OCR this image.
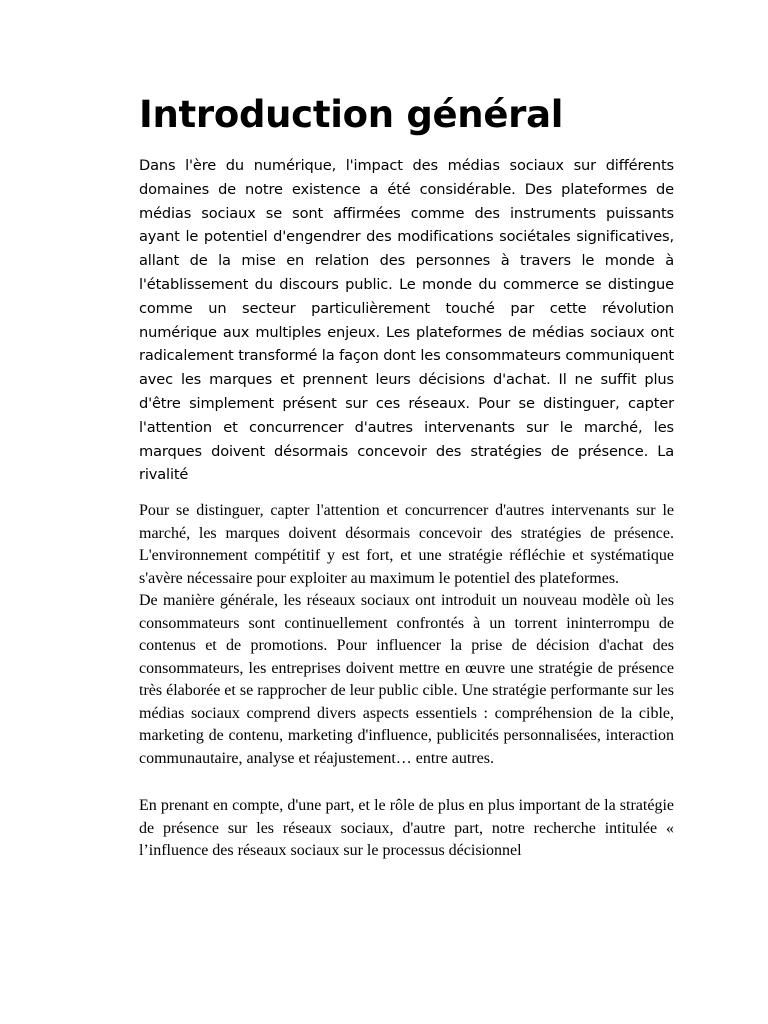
Introduction général

Dans l'ère du numérique, l'impact des médias sociaux sur différents domaines de notre existence a été considérable. Des plateformes de médias sociaux se sont affirmées comme des instruments puissants ayant le potentiel d'engendrer des modifications sociétales significatives, allant de la mise en relation des personnes à travers le monde à l'établissement du discours public. Le monde du commerce se distingue comme un secteur particulièrement touché par cette révolution numérique aux multiples enjeux. Les plateformes de médias sociaux ont radicalement transformé la façon dont les consommateurs communiquent avec les marques et prennent leurs décisions d'achat. Il ne suffit plus d'être simplement présent sur ces réseaux. Pour se distinguer, capter l'attention et concurrencer d'autres intervenants sur le marché, les marques doivent désormais concevoir des stratégies de présence. La rivalité

Pour se distinguer, capter l'attention et concurrencer d'autres intervenants sur le marché, les marques doivent désormais concevoir des stratégies de présence. L'environnement compétitif y est fort, et une stratégie réfléchie et systématique s'avère nécessaire pour exploiter au maximum le potentiel des plateformes.

De manière générale, les réseaux sociaux ont introduit un nouveau modèle où les consommateurs sont continuellement confrontés à un torrent ininterrompu de contenus et de promotions. Pour influencer la prise de décision d'achat des consommateurs, les entreprises doivent mettre en œuvre une stratégie de présence très élaborée et se rapprocher de leur public cible. Une stratégie performante sur les médias sociaux comprend divers aspects essentiels : compréhension de la cible, marketing de contenu, marketing d'influence, publicités personnalisées, interaction communautaire, analyse et réajustement… entre autres.

En prenant en compte, d'une part, et le rôle de plus en plus important de la stratégie de présence sur les réseaux sociaux, d'autre part, notre recherche intitulée « l’influence des réseaux sociaux sur le processus décisionnel
